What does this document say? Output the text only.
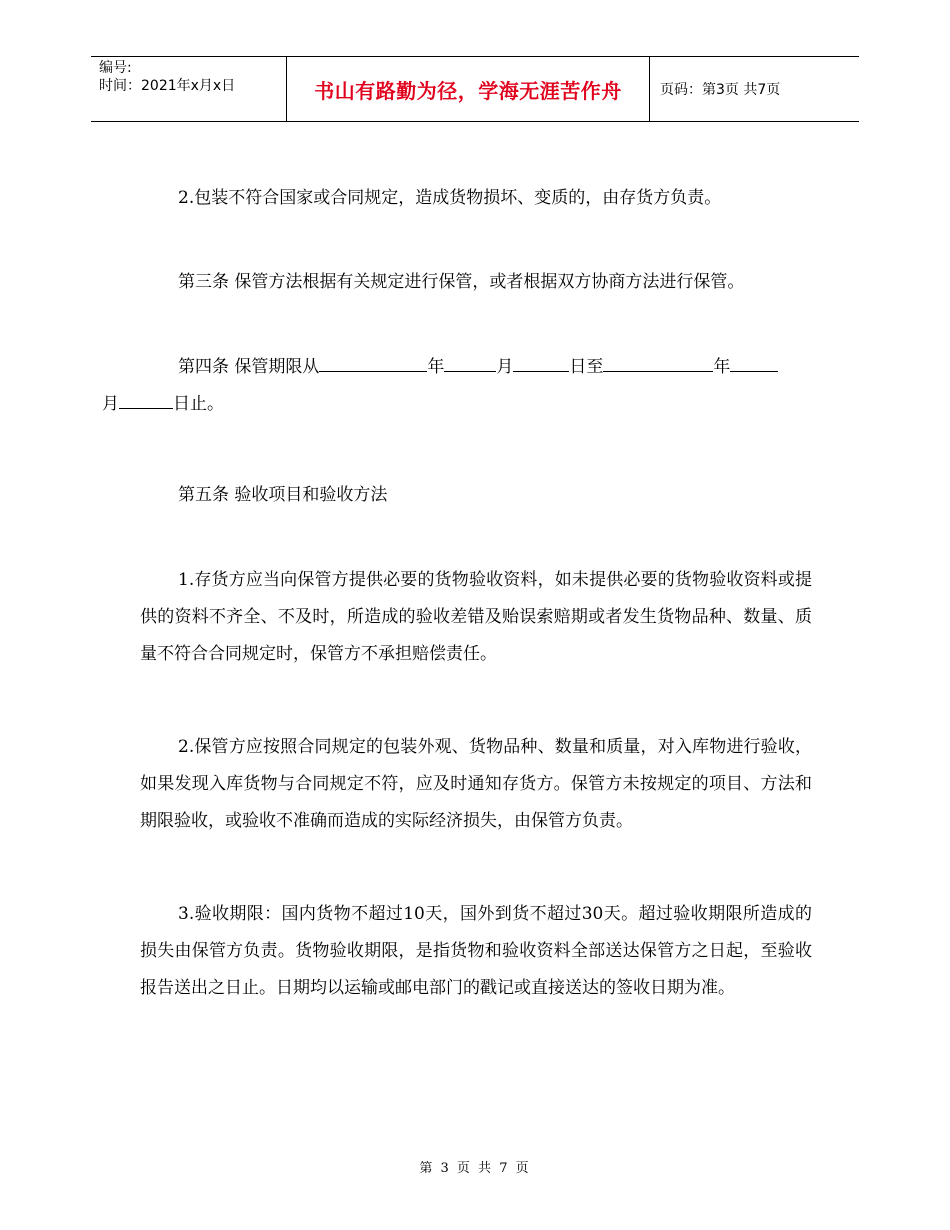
编号:
时间：2021年x月x日	书山有路勤为径，学海无涯苦作舟	页码：第3页 共7页

2.包装不符合国家或合同规定，造成货物损坏、变质的，由存货方负责。

第三条 保管方法根据有关规定进行保管，或者根据双方协商方法进行保管。

第四条 保管期限从	年	月	日至	年
月	日止。

第五条 验收项目和验收方法

1.存货方应当向保管方提供必要的货物验收资料，如未提供必要的货物验收资料或提供的资料不齐全、不及时，所造成的验收差错及贻误索赔期或者发生货物品种、数量、质量不符合合同规定时，保管方不承担赔偿责任。

2.保管方应按照合同规定的包装外观、货物品种、数量和质量，对入库物进行验收，如果发现入库货物与合同规定不符，应及时通知存货方。保管方未按规定的项目、方法和期限验收，或验收不准确而造成的实际经济损失，由保管方负责。

3.验收期限：国内货物不超过10天，国外到货不超过30天。超过验收期限所造成的损失由保管方负责。货物验收期限，是指货物和验收资料全部送达保管方之日起，至验收报告送出之日止。日期均以运输或邮电部门的戳记或直接送达的签收日期为准。

第 3 页 共 7 页
